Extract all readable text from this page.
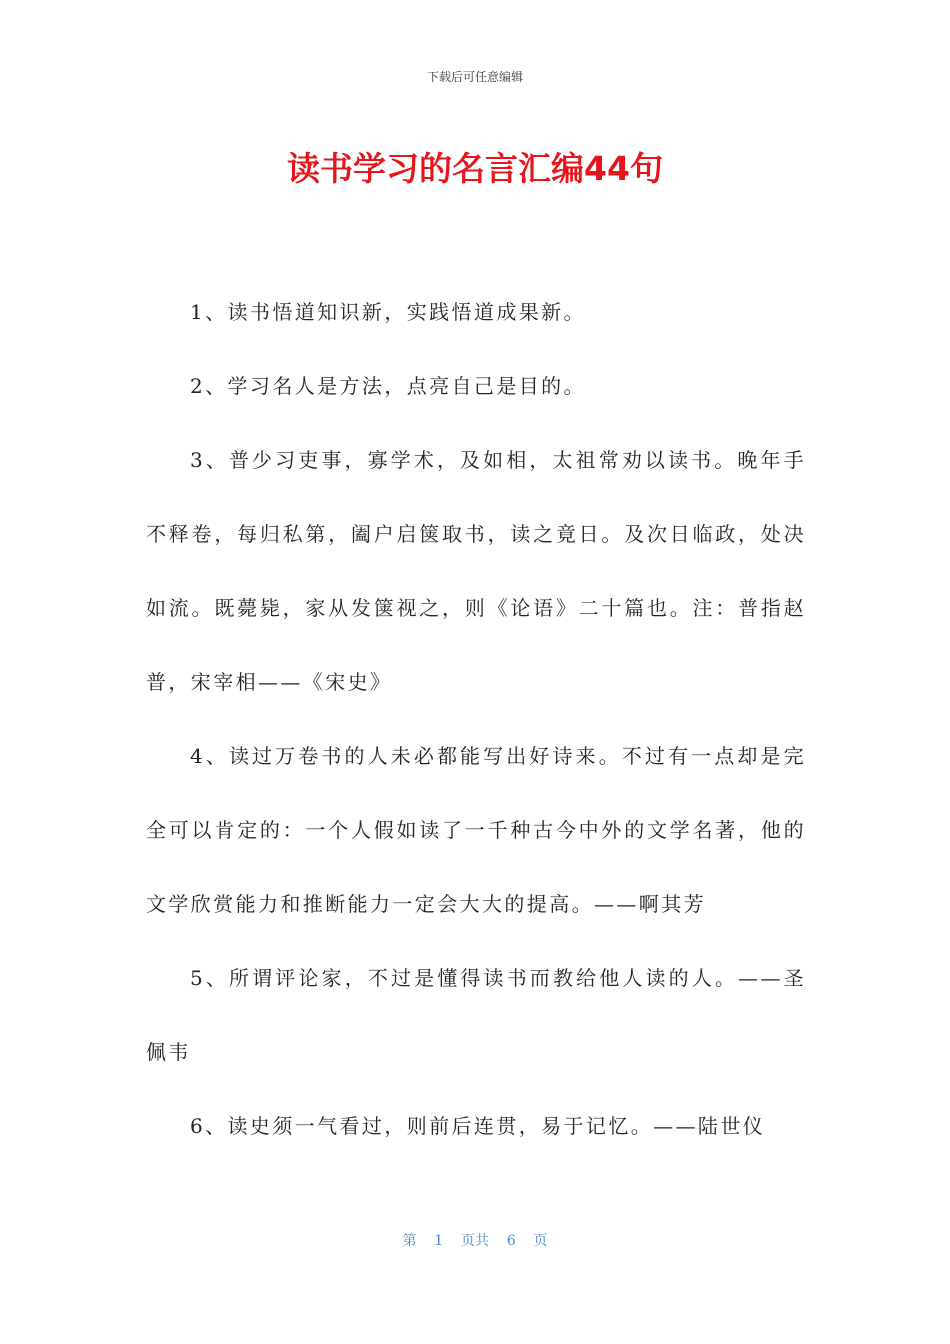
下载后可任意编辑
读书学习的名言汇编44句

1、读书悟道知识新，实践悟道成果新。

2、学习名人是方法，点亮自己是目的。

3、普少习吏事，寡学术，及如相，太祖常劝以读书。晚年手不释卷，每归私第，阖户启箧取书，读之竟日。及次日临政，处决如流。既薨毙，家从发箧视之，则《论语》二十篇也。注：普指赵普，宋宰相——《宋史》

4、读过万卷书的人未必都能写出好诗来。不过有一点却是完全可以肯定的：一个人假如读了一千种古今中外的文学名著，他的文学欣赏能力和推断能力一定会大大的提高。——啊其芳

5、所谓评论家，不过是懂得读书而教给他人读的人。——圣佩韦

6、读史须一气看过，则前后连贯，易于记忆。——陆世仪

第 1 页共 6 页
